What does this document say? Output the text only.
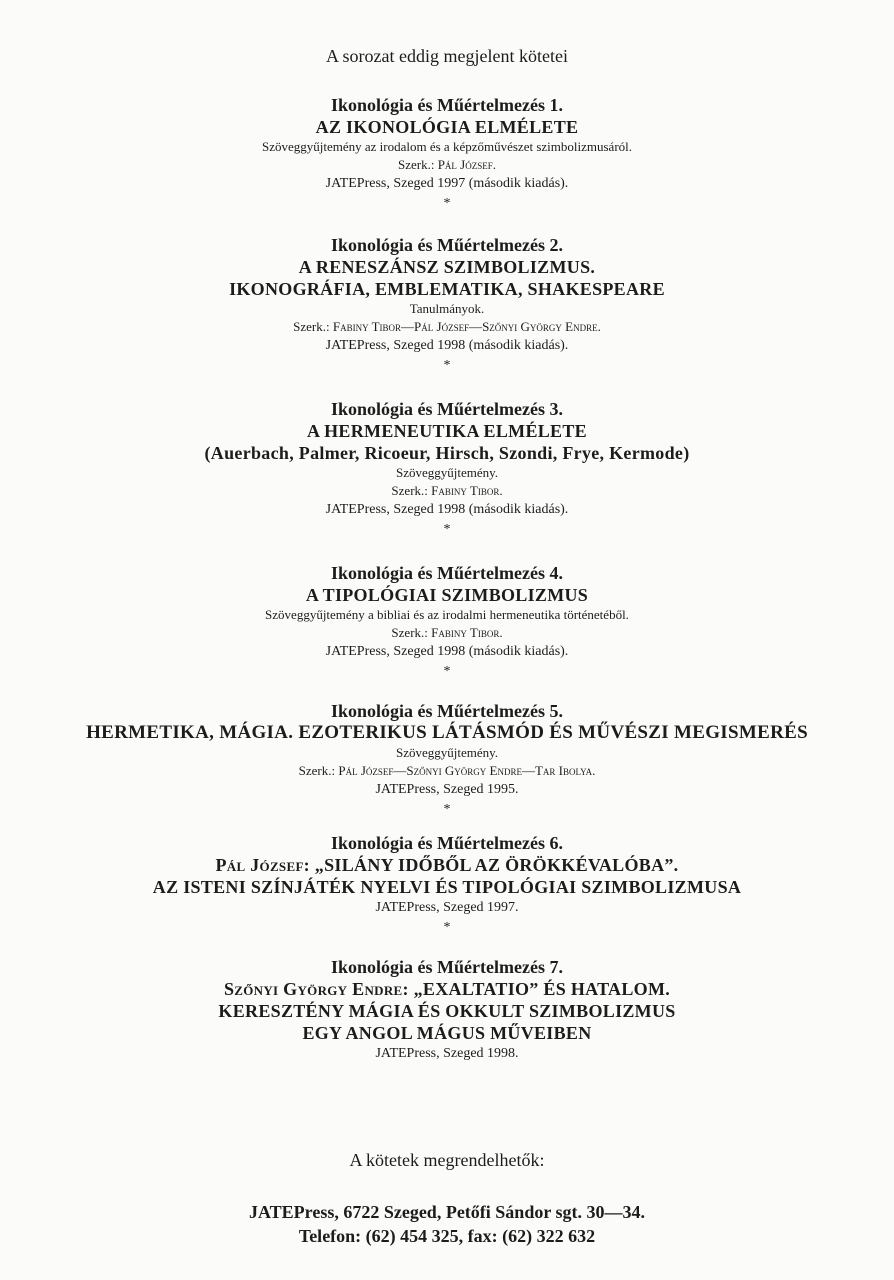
A sorozat eddig megjelent kötetei
Ikonológia és Műértelmezés 1.
AZ IKONOLÓGIA ELMÉLETE
Szöveggyűjtemény az irodalom és a képzőművészet szimbolizmusáról.
Szerk.: Pál József.
JATEPress, Szeged 1997 (második kiadás).
*
Ikonológia és Műértelmezés 2.
A RENESZÁNSZ SZIMBOLIZMUS.
IKONOGRÁFIA, EMBLEMATIKA, SHAKESPEARE
Tanulmányok.
Szerk.: Fabiny Tibor—Pál József—Szőnyi György Endre.
JATEPress, Szeged 1998 (második kiadás).
*
Ikonológia és Műértelmezés 3.
A HERMENEUTIKA ELMÉLETE
(Auerbach, Palmer, Ricoeur, Hirsch, Szondi, Frye, Kermode)
Szöveggyűjtemény.
Szerk.: Fabiny Tibor.
JATEPress, Szeged 1998 (második kiadás).
*
Ikonológia és Műértelmezés 4.
A TIPOLÓGIAI SZIMBOLIZMUS
Szöveggyűjtemény a bibliai és az irodalmi hermeneutika történetéből.
Szerk.: Fabiny Tibor.
JATEPress, Szeged 1998 (második kiadás).
*
Ikonológia és Műértelmezés 5.
HERMETIKA, MÁGIA. EZOTERIKUS LÁTÁSMÓD ÉS MŰVÉSZI MEGISMERÉS
Szöveggyűjtemény.
Szerk.: Pál József—Szőnyi György Endre—Tar Ibolya.
JATEPress, Szeged 1995.
*
Ikonológia és Műértelmezés 6.
Pál József: „SILÁNY IDŐBŐL AZ ÖRÖKKÉVALÓBA”.
AZ ISTENI SZÍNJÁTÉK NYELVI ÉS TIPOLÓGIAI SZIMBOLIZMUSA
JATEPress, Szeged 1997.
*
Ikonológia és Műértelmezés 7.
Szőnyi György Endre: „EXALTATIO” ÉS HATALOM.
KERESZTÉNY MÁGIA ÉS OKKULT SZIMBOLIZMUS
EGY ANGOL MÁGUS MŰVEIBEN
JATEPress, Szeged 1998.
A kötetek megrendelhetők:
JATEPress, 6722 Szeged, Petőfi Sándor sgt. 30—34.
Telefon: (62) 454 325, fax: (62) 322 632
